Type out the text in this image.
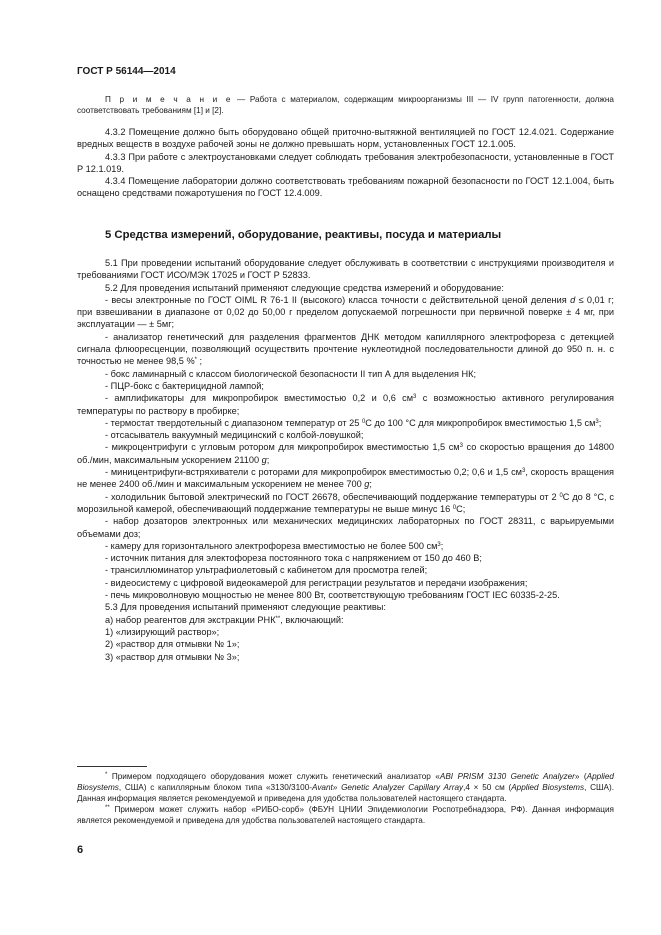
ГОСТ Р 56144—2014

П р и м е ч а н и е — Работа с материалом, содержащим микроорганизмы III — IV групп патогенности, должна соответствовать требованиям [1] и [2].

4.3.2 Помещение должно быть оборудовано общей приточно-вытяжной вентиляцией по ГОСТ 12.4.021. Содержание вредных веществ в воздухе рабочей зоны не должно превышать норм, установленных ГОСТ 12.1.005.

4.3.3 При работе с электроустановками следует соблюдать требования электробезопасности, установленные в ГОСТ Р 12.1.019.

4.3.4 Помещение лаборатории должно соответствовать требованиям пожарной безопасности по ГОСТ 12.1.004, быть оснащено средствами пожаротушения по ГОСТ 12.4.009.

5 Средства измерений, оборудование, реактивы, посуда и материалы

5.1 При проведении испытаний оборудование следует обслуживать в соответствии с инструкциями производителя и требованиями ГОСТ ИСО/МЭК 17025 и ГОСТ Р 52833.

5.2 Для проведения испытаний применяют следующие средства измерений и оборудование:

- весы электронные по ГОСТ OIML R 76-1 II (высокого) класса точности с действительной ценой деления d ≤ 0,01 г; при взвешивании в диапазоне от 0,02 до 50,00 г пределом допускаемой погрешности при первичной поверке ± 4 мг, при эксплуатации — ± 5мг;

- анализатор генетический для разделения фрагментов ДНК методом капиллярного электрофореза с детекцией сигнала флюоресценции, позволяющий осуществить прочтение нуклеотидной последовательности длиной до 950 п. н. с точностью не менее 98,5 %* ;

- бокс ламинарный с классом биологической безопасности II тип А для выделения НК;

- ПЦР-бокс с бактерицидной лампой;

- амплификаторы для микропробирок вместимостью 0,2 и 0,6 $см^3$ с возможностью активного регулирования температуры по раствору в пробирке;

- термостат твердотельный с диапазоном температур от 25 $^0$С до 100 °С для микропробирок вместимостью 1,5 $см^3$;

- отсасыватель вакуумный медицинский с колбой-ловушкой;

- микроцентрифуги с угловым ротором для микропробирок вместимостью 1,5 $см^3$ со скоростью вращения до 14800 об./мин, максимальным ускорением 21100 g;

- миницентрифуги-встряхиватели с роторами для микропробирок вместимостью 0,2; 0,6 и 1,5 $см^3$, скорость вращения не менее 2400 об./мин и максимальным ускорением не менее 700 g;

- холодильник бытовой электрический по ГОСТ 26678, обеспечивающий поддержание температуры от 2 $^0$С до 8 °С, с морозильной камерой, обеспечивающий поддержание температуры не выше минус 16 $^0$С;

- набор дозаторов электронных или механических медицинских лабораторных по ГОСТ 28311, с варьируемыми объемами доз;

- камеру для горизонтального электрофореза вместимостью не более 500 $см^3$;

- источник питания для электофореза постоянного тока с напряжением от 150 до 460 В;

- трансиллюминатор ультрафиолетовый с кабинетом для просмотра гелей;

- видеосистему с цифровой видеокамерой для регистрации результатов и передачи изображения;

- печь микроволновую мощностью не менее 800 Вт, соответствующую требованиям ГОСТ IEC 60335-2-25.

5.3 Для проведения испытаний применяют следующие реактивы:

а) набор реагентов для экстракции РНК**, включающий:

1) «лизирующий раствор»;

2) «раствор для отмывки № 1»;

3) «раствор для отмывки № 3»;

* Примером подходящего оборудования может служить генетический анализатор «ABI PRISM 3130 Genetic Analyzer» (Applied Biosystems, США) с капиллярным блоком типа «3130/3100-Avant» Genetic Analyzer Capillary Array,4 × 50 см (Applied Biosystems, США). Данная информация является рекомендуемой и приведена для удобства пользователей настоящего стандарта.

** Примером может служить набор «РИБО-сорб» (ФБУН ЦНИИ Эпидемиологии Роспотребнадзора, РФ). Данная информация является рекомендуемой и приведена для удобства пользователей настоящего стандарта.

6
